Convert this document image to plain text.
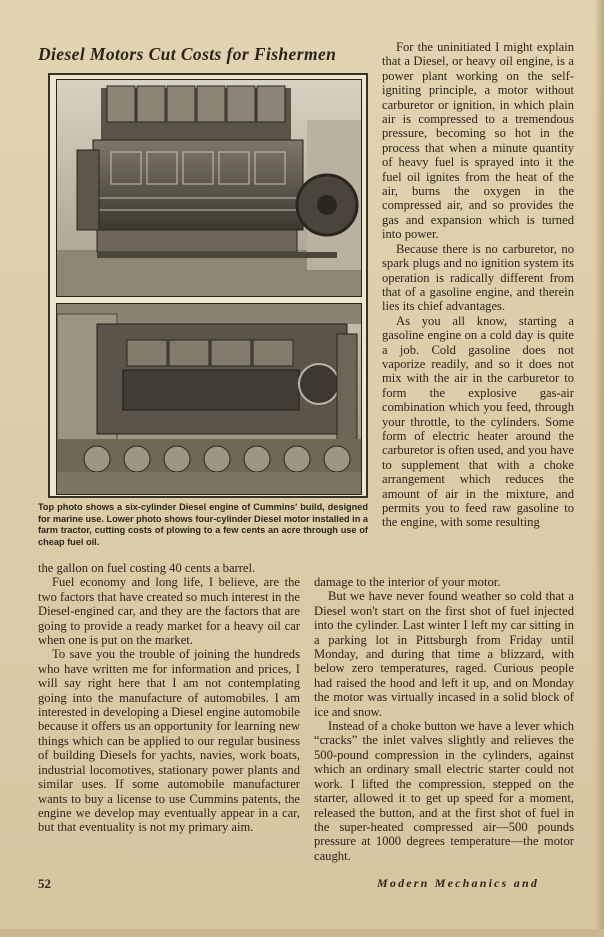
Diesel Motors Cut Costs for Fishermen
Top photo shows a six-cylinder Diesel engine of Cummins' build, designed for marine use. Lower photo shows four-cylinder Diesel motor installed in a farm tractor, cutting costs of plowing to a few cents an acre through use of cheap fuel oil.

For the uninitiated I might explain that a Diesel, or heavy oil engine, is a power plant working on the self-igniting principle, a motor without carburetor or ignition, in which plain air is compressed to a tremendous pressure, becoming so hot in the process that when a minute quantity of heavy fuel is sprayed into it the fuel oil ignites from the heat of the air, burns the oxygen in the compressed air, and so provides the gas and expansion which is turned into power.

Because there is no carburetor, no spark plugs and no ignition system its operation is radically different from that of a gasoline engine, and therein lies its chief advantages.

As you all know, starting a gasoline engine on a cold day is quite a job. Cold gasoline does not vaporize readily, and so it does not mix with the air in the carburetor to form the explosive gas-air combination which you feed, through your throttle, to the cylinders. Some form of electric heater around the carburetor is often used, and you have to supplement that with a choke arrangement which reduces the amount of air in the mixture, and permits you to feed raw gasoline to the engine, with some resulting

the gallon on fuel costing 40 cents a barrel.

Fuel economy and long life, I believe, are the two factors that have created so much interest in the Diesel-engined car, and they are the factors that are going to provide a ready market for a heavy oil car when one is put on the market.

To save you the trouble of joining the hundreds who have written me for information and prices, I will say right here that I am not contemplating going into the manufacture of automobiles. I am interested in developing a Diesel engine automobile because it offers us an opportunity for learning new things which can be applied to our regular business of building Diesels for yachts, navies, work boats, industrial locomotives, stationary power plants and similar uses. If some automobile manufacturer wants to buy a license to use Cummins patents, the engine we develop may eventually appear in a car, but that eventuality is not my primary aim.

damage to the interior of your motor.

But we have never found weather so cold that a Diesel won't start on the first shot of fuel injected into the cylinder. Last winter I left my car sitting in a parking lot in Pittsburgh from Friday until Monday, and during that time a blizzard, with below zero temperatures, raged. Curious people had raised the hood and left it up, and on Monday the motor was virtually incased in a solid block of ice and snow.

Instead of a choke button we have a lever which “cracks” the inlet valves slightly and relieves the 500-pound compression in the cylinders, against which an ordinary small electric starter could not work. I lifted the compression, stepped on the starter, allowed it to get up speed for a moment, released the button, and at the first shot of fuel in the super-heated compressed air—500 pounds pressure at 1000 degrees temperature—the motor caught.

52	Modern Mechanics and
